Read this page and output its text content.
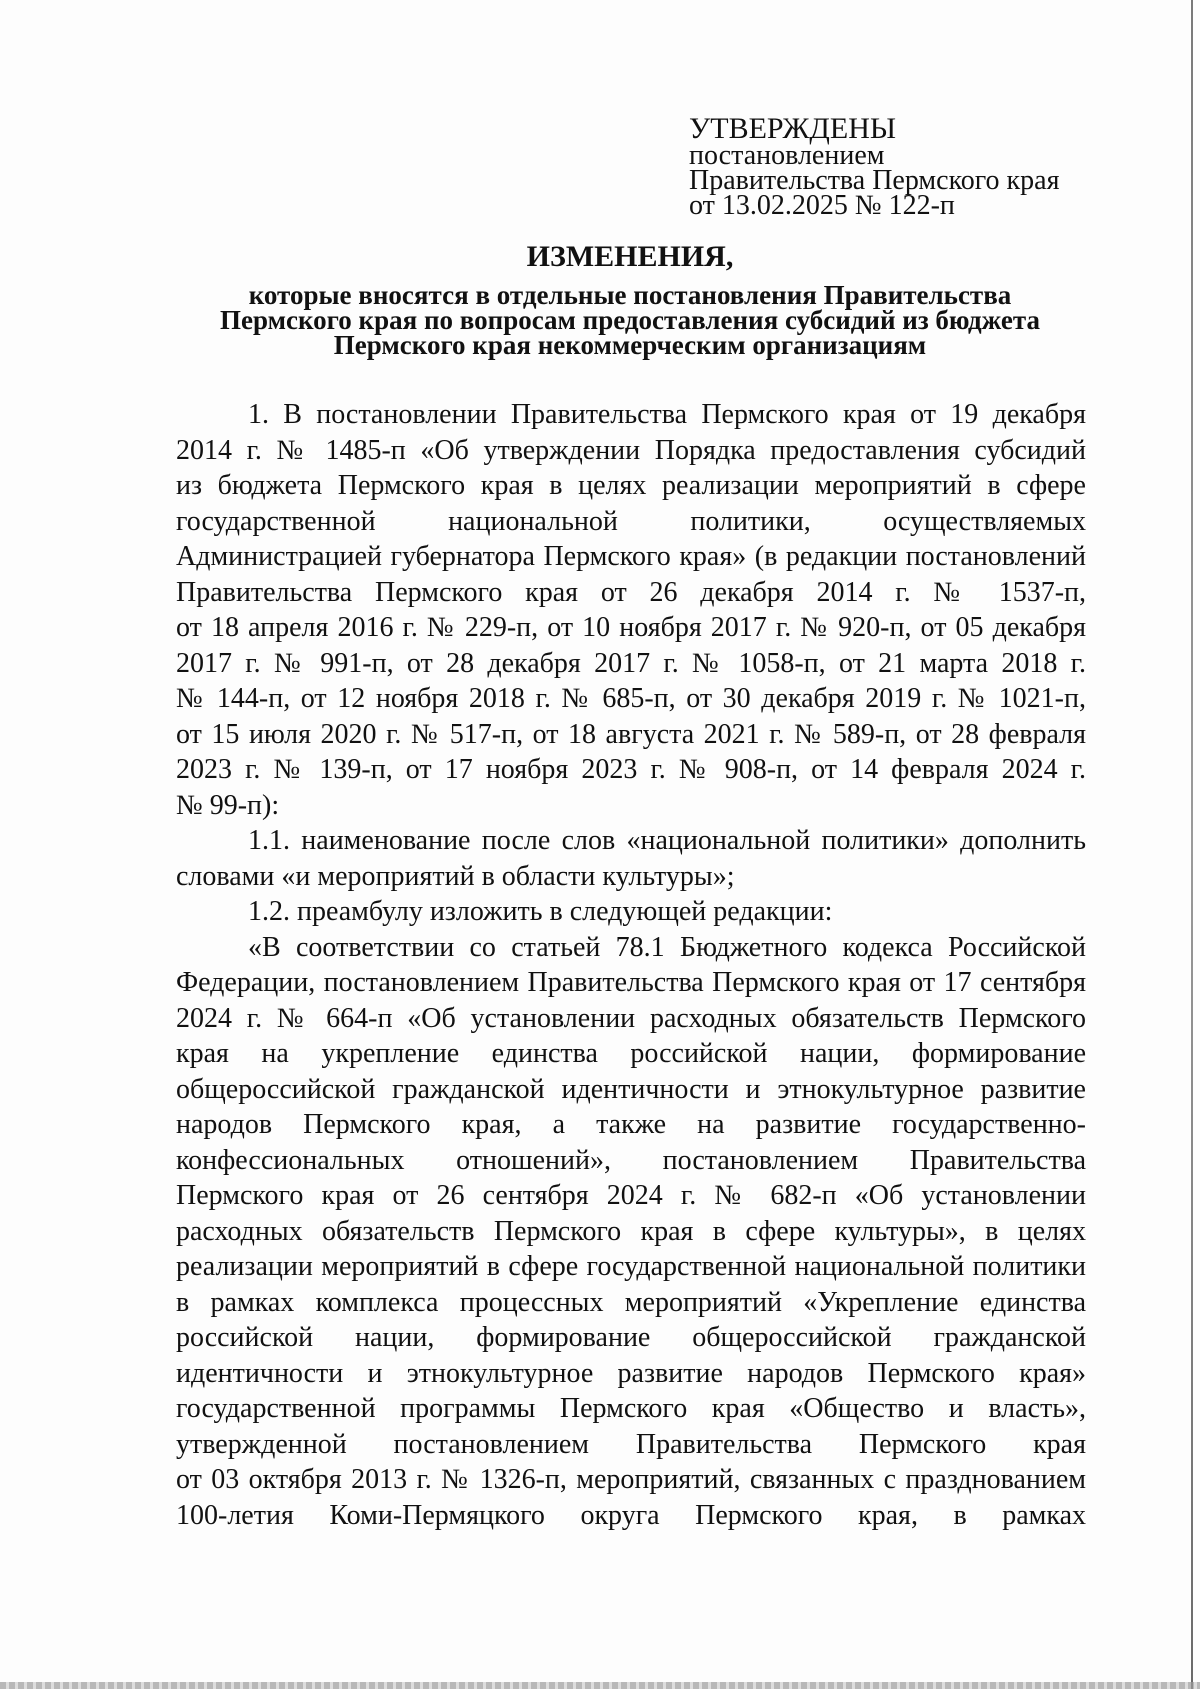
УТВЕРЖДЕНЫ
постановлением
Правительства Пермского края
от 13.02.2025 № 122-п
ИЗМЕНЕНИЯ,
которые вносятся в отдельные постановления Правительства
Пермского края по вопросам предоставления субсидий из бюджета
Пермского края некоммерческим организациям
1. В постановлении Правительства Пермского края от 19 декабря
2014 г. № 1485-п «Об утверждении Порядка предоставления субсидий
из бюджета Пермского края в целях реализации мероприятий в сфере
государственной национальной политики, осуществляемых
Администрацией губернатора Пермского края» (в редакции постановлений
Правительства Пермского края от 26 декабря 2014 г. № 1537-п,
от 18 апреля 2016 г. № 229-п, от 10 ноября 2017 г. № 920-п, от 05 декабря
2017 г. № 991-п, от 28 декабря 2017 г. № 1058-п, от 21 марта 2018 г.
№ 144-п, от 12 ноября 2018 г. № 685-п, от 30 декабря 2019 г. № 1021-п,
от 15 июля 2020 г. № 517-п, от 18 августа 2021 г. № 589-п, от 28 февраля
2023 г. № 139-п, от 17 ноября 2023 г. № 908-п, от 14 февраля 2024 г.
№ 99-п):
1.1. наименование после слов «национальной политики» дополнить
словами «и мероприятий в области культуры»;
1.2. преамбулу изложить в следующей редакции:
«В соответствии со статьей 78.1 Бюджетного кодекса Российской
Федерации, постановлением Правительства Пермского края от 17 сентября
2024 г. № 664-п «Об установлении расходных обязательств Пермского
края на укрепление единства российской нации, формирование
общероссийской гражданской идентичности и этнокультурное развитие
народов Пермского края, а также на развитие государственно-
конфессиональных отношений», постановлением Правительства
Пермского края от 26 сентября 2024 г. № 682-п «Об установлении
расходных обязательств Пермского края в сфере культуры», в целях
реализации мероприятий в сфере государственной национальной политики
в рамках комплекса процессных мероприятий «Укрепление единства
российской нации, формирование общероссийской гражданской
идентичности и этнокультурное развитие народов Пермского края»
государственной программы Пермского края «Общество и власть»,
утвержденной постановлением Правительства Пермского края
от 03 октября 2013 г. № 1326-п, мероприятий, связанных с празднованием
100-летия Коми-Пермяцкого округа Пермского края, в рамках
